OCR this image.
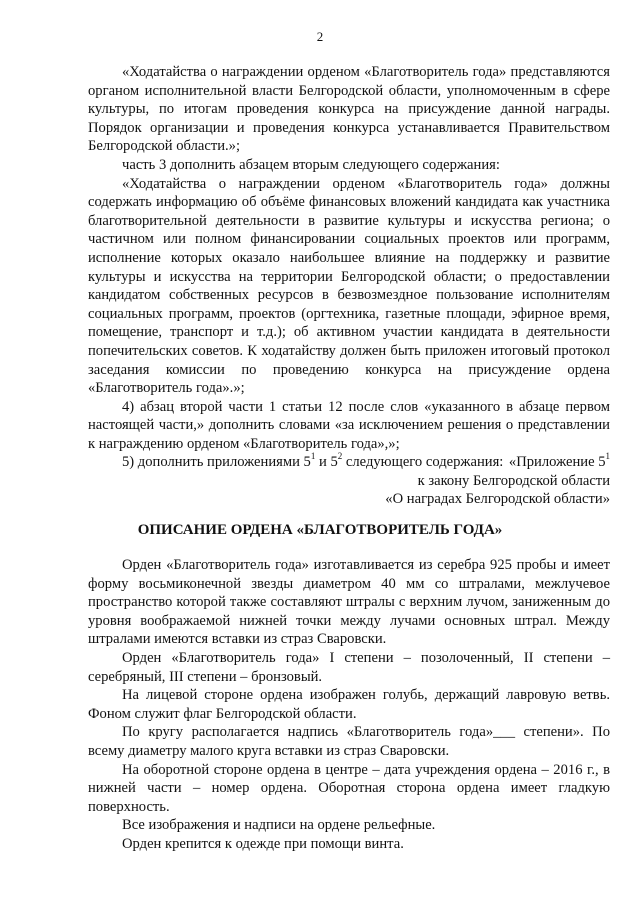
2

«Ходатайства о награждении орденом «Благотворитель года» представляются органом исполнительной власти Белгородской области, уполномоченным в сфере культуры, по итогам проведения конкурса на присуждение данной награды. Порядок организации и проведения конкурса устанавливается Правительством Белгородской области.»;

часть 3 дополнить абзацем вторым следующего содержания:

«Ходатайства о награждении орденом «Благотворитель года» должны содержать информацию об объёме финансовых вложений кандидата как участника благотворительной деятельности в развитие культуры и искусства региона; о частичном или полном финансировании социальных проектов или программ, исполнение которых оказало наибольшее влияние на поддержку и развитие культуры и искусства на территории Белгородской области; о предоставлении кандидатом собственных ресурсов в безвозмездное пользование исполнителям социальных программ, проектов (оргтехника, газетные площади, эфирное время, помещение, транспорт и т.д.); об активном участии кандидата в деятельности попечительских советов. К ходатайству должен быть приложен итоговый протокол заседания комиссии по проведению конкурса на присуждение ордена «Благотворитель года».»;

4) абзац второй части 1 статьи 12 после слов «указанного в абзаце первом настоящей части,» дополнить словами «за исключением решения о представлении к награждению орденом «Благотворитель года»,»;

5) дополнить приложениями $5^1$ и $5^2$ следующего содержания: «Приложение $5^1$
к закону Белгородской области
«О наградах Белгородской области»
ОПИСАНИЕ ОРДЕНА «БЛАГОТВОРИТЕЛЬ ГОДА»

Орден «Благотворитель года» изготавливается из серебра 925 пробы и имеет форму восьмиконечной звезды диаметром 40 мм со штралами, межлучевое пространство которой также составляют штралы с верхним лучом, заниженным до уровня воображаемой нижней точки между лучами основных штрал. Между штралами имеются вставки из страз Сваровски.

Орден «Благотворитель года» I степени – позолоченный, II степени – серебряный, III степени – бронзовый.

На лицевой стороне ордена изображен голубь, держащий лавровую ветвь. Фоном служит флаг Белгородской области.

По кругу располагается надпись «Благотворитель года»___ степени». По всему диаметру малого круга вставки из страз Сваровски.

На оборотной стороне ордена в центре – дата учреждения ордена – 2016 г., в нижней части – номер ордена. Оборотная сторона ордена имеет гладкую поверхность.

Все изображения и надписи на ордене рельефные.

Орден крепится к одежде при помощи винта.
